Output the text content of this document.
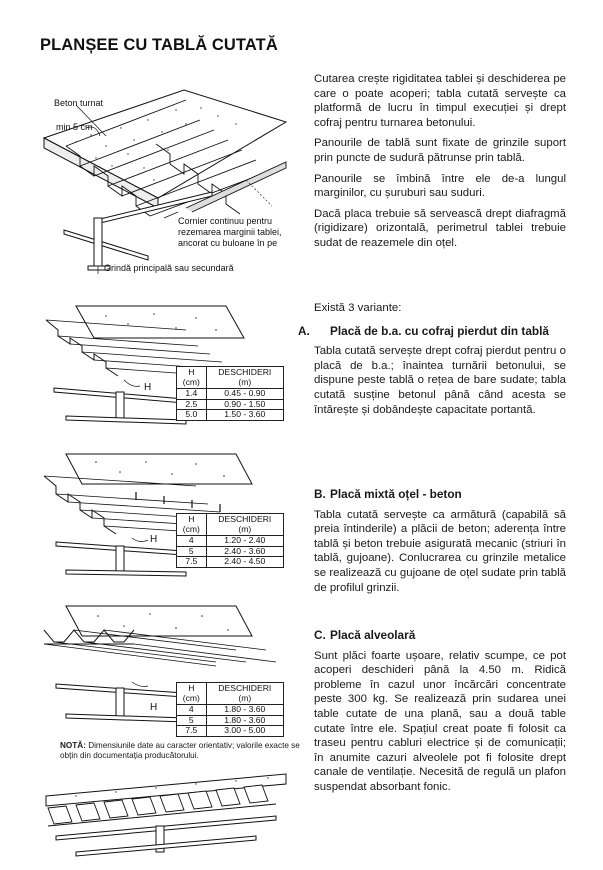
PLANȘEE CU TABLĂ CUTATĂ
Beton turnat
min 5 cm
Cornier continuu pentru
rezemarea marginii tablei,
ancorat cu buloane în pe
Grindă principală sau secundară
H
H
(cm)	DESCHIDERI
(m)
1.4	0.45 - 0.90
2.5	0.90 - 1.50
5.0	1.50 - 3.60
H
H
(cm)	DESCHIDERI
(m)
4	1.20 - 2.40
5	2.40 - 3.60
7.5	2.40 - 4.50
H
H
(cm)	DESCHIDERI
(m)
4	1.80 - 3.60
5	1.80 - 3.60
7.5	3.00 - 5.00
NOTĂ: Dimensiunile date au caracter orientativ; valorile exacte se obțin din documentația producătorului.

Cutarea crește rigiditatea tablei și deschiderea pe care o poate acoperi; tabla cutată servește ca platformă de lucru în timpul execuției și drept cofraj pentru turnarea betonului.

Panourile de tablă sunt fixate de grinzile suport prin puncte de sudură pătrunse prin tablă.

Panourile se îmbină între ele de-a lungul marginilor, cu șuruburi sau suduri.

Dacă placa trebuie să servească drept diafragmă (rigidizare) orizontală, perimetrul tablei trebuie sudat de reazemele din oțel.

Există 3 variante:

A. Placă de b.a. cu cofraj pierdut din tablă

Tabla cutată servește drept cofraj pierdut pentru o placă de b.a.; înaintea turnării betonului, se dispune peste tablă o rețea de bare sudate; tabla cutată susține betonul până când acesta se întărește și dobândește capacitate portantă.

B. Placă mixtă oțel - beton

Tabla cutată servește ca armătură (capabilă să preia întinderile) a plăcii de beton; aderența între tablă și beton trebuie asigurată mecanic (striuri în tablă, gujoane). Conlucrarea cu grinzile metalice se realizează cu gujoane de oțel sudate prin tablă de profilul grinzii.

C. Placă alveolară

Sunt plăci foarte ușoare, relativ scumpe, ce pot acoperi deschideri până la 4.50 m. Ridică probleme în cazul unor încărcări concentrate peste 300 kg. Se realizează prin sudarea unei table cutate de una plană, sau a două table cutate între ele. Spațiul creat poate fi folosit ca traseu pentru cabluri electrice și de comunicații; în anumite cazuri alveolele pot fi folosite drept canale de ventilație. Necesită de regulă un plafon suspendat absorbant fonic.
